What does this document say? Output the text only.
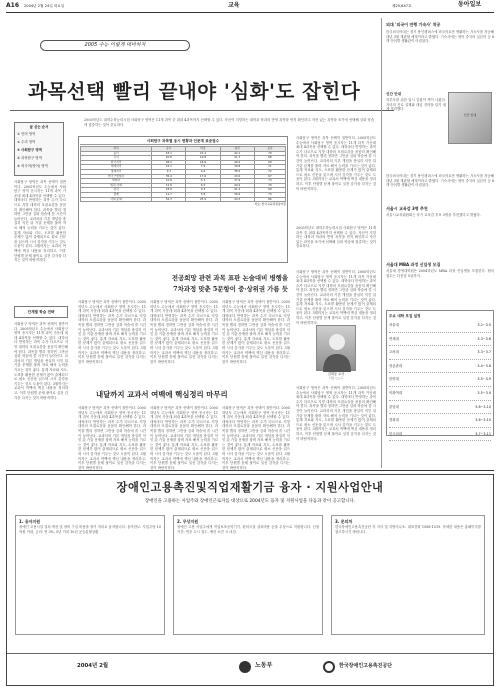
A16 2004년 2월 24일 화요일	교육	제25,647호	동아일보
2005 수능 이렇게 대비하자
과목선택 빨리 끝내야 '심화'도 잡힌다
글 싣는 순서
① 언어 영역
② 수리 영역
③ 사회탐구 영역
④ 과학탐구 영역
⑤ 외국어(영어) 영역
사회탐구 영역은 과목 선택이 절반이다. 2005학년도 수능에서 사회탐구 영역 응시자는 11개 과목 가운데 최대 4과목을 선택할 수 있다. 대학마다 반영하는 과목 수가 다르므로 지망 대학의 모집요강을 꼼꼼히 확인해야 한다. 과목을 빨리 정하면 그만큼 심화 학습에 쓸 시간이 늘어난다. 교과서의 기본 개념을 충실히 익힌 뒤 기출 문제를 풀며 자료 해석 능력을 기르는 것이 좋다. 통계 자료와 지도, 도표를 활용한 문제가 많이 출제되므로 평소 신문을 읽으며 시사 감각을 키우는 것도 도움이 된다. 3월까지는 교과서 여백에 핵심 내용을 정리하고, 이후 단원별 문제 풀이로 실전 감각을 다지는 것이 바람직하다.
2005학년도 대학수학능력시험 사회탐구 영역은 11개 과목 중 최대 4과목까지 선택할 수 있다. 자신이 지망하는 대학과 학과의 반영 과목을 먼저 확인하고 자신 있는 과목을 조기에 선택해 심화 학습에 집중하는 것이 중요하다.
사회탐구 과목별 응시 현황과 인문계 표준점수
과목	응시	비율	평균	표준
윤리	43.1	21.4	42.1	70
국사	40.6	19.8	41.7	68
한국지리	38.2	18.9	40.2	69
세계지리	15.1	7.5	39.8	71
경제지리	9.3	4.6	38.5	72
한국근현대사	35.4	17.6	43.0	67
세계사	10.8	5.3	37.9	73
법과 사회	12.6	6.2	40.4	70
정치	18.9	9.3	41.2	69
경제	11.7	5.8	36.6	74
사회·문화	52.3	25.9	44.5	66
자료: 한국교육과정평가원
사회탐구 영역은 과목 선택이 절반이다. 2005학년도 수능에서 사회탐구 영역 응시자는 11개 과목 가운데 최대 4과목을 선택할 수 있다. 대학마다 반영하는 과목 수가 다르므로 지망 대학의 모집요강을 꼼꼼히 확인해야 한다. 과목을 빨리 정하면 그만큼 심화 학습에 쓸 시간이 늘어난다. 교과서의 기본 개념을 충실히 익힌 뒤 기출 문제를 풀며 자료 해석 능력을 기르는 것이 좋다. 통계 자료와 지도, 도표를 활용한 문제가 많이 출제되므로 평소 신문을 읽으며 시사 감각을 키우는 것도 도움이 된다. 3월까지는 교과서 여백에 핵심 내용을 정리하고, 이후 단원별 문제 풀이로 실전 감각을 다지는 것이 바람직하다.
2005학년도 대학수학능력시험 사회탐구 영역은 11개 과목 중 최대 4과목까지 선택할 수 있다. 자신이 지망하는 대학과 학과의 반영 과목을 먼저 확인하고 자신 있는 과목을 조기에 선택해 심화 학습에 집중하는 것이 중요하다.
전공희망 관련 과목 표판 논술대비 병행을
7차과정 맞춘 5문항이 중·상위권 가름 듯
사회탐구 영역은 과목 선택이 절반이다. 2005학년도 수능에서 사회탐구 영역 응시자는 11개 과목 가운데 최대 4과목을 선택할 수 있다. 대학마다 반영하는 과목 수가 다르므로 지망 대학의 모집요강을 꼼꼼히 확인해야 한다. 과목을 빨리 정하면 그만큼 심화 학습에 쓸 시간이 늘어난다. 교과서의 기본 개념을 충실히 익힌 뒤 기출 문제를 풀며 자료 해석 능력을 기르는 것이 좋다. 통계 자료와 지도, 도표를 활용한 문제가 많이 출제되므로 평소 신문을 읽으며 시사 감각을 키우는 것도 도움이 된다. 3월까지는 교과서 여백에 핵심 내용을 정리하고, 이후 단원별 문제 풀이로 실전 감각을 다지는 것이 바람직하다.
사회탐구 영역은 과목 선택이 절반이다. 2005학년도 수능에서 사회탐구 영역 응시자는 11개 과목 가운데 최대 4과목을 선택할 수 있다. 대학마다 반영하는 과목 수가 다르므로 지망 대학의 모집요강을 꼼꼼히 확인해야 한다. 과목을 빨리 정하면 그만큼 심화 학습에 쓸 시간이 늘어난다. 교과서의 기본 개념을 충실히 익힌 뒤 기출 문제를 풀며 자료 해석 능력을 기르는 것이 좋다. 통계 자료와 지도, 도표를 활용한 문제가 많이 출제되므로 평소 신문을 읽으며 시사 감각을 키우는 것도 도움이 된다. 3월까지는 교과서 여백에 핵심 내용을 정리하고, 이후 단원별 문제 풀이로 실전 감각을 다지는 것이 바람직하다.
사회탐구 영역은 과목 선택이 절반이다. 2005학년도 수능에서 사회탐구 영역 응시자는 11개 과목 가운데 최대 4과목을 선택할 수 있다. 대학마다 반영하는 과목 수가 다르므로 지망 대학의 모집요강을 꼼꼼히 확인해야 한다. 과목을 빨리 정하면 그만큼 심화 학습에 쓸 시간이 늘어난다. 교과서의 기본 개념을 충실히 익힌 뒤 기출 문제를 풀며 자료 해석 능력을 기르는 것이 좋다. 통계 자료와 지도, 도표를 활용한 문제가 많이 출제되므로 평소 신문을 읽으며 시사 감각을 키우는 것도 도움이 된다. 3월까지는 교과서 여백에 핵심 내용을 정리하고, 이후 단원별 문제 풀이로 실전 감각을 다지는 것이 바람직하다.
사회탐구 영역은 과목 선택이 절반이다. 2005학년도 수능에서 사회탐구 영역 응시자는 11개 과목 가운데 최대 4과목을 선택할 수 있다. 대학마다 반영하는 과목 수가 다르므로 지망 대학의 모집요강을 꼼꼼히 확인해야 한다. 과목을 빨리 정하면 그만큼 심화 학습에 쓸 시간이 늘어난다. 교과서의 기본 개념을 충실히 익힌 뒤 기출 문제를 풀며 자료 해석 능력을 기르는 것이 좋다. 통계 자료와 지도, 도표를 활용한 문제가 많이 출제되므로 평소 신문을 읽으며 시사 감각을 키우는 것도 도움이 된다. 3월까지는 교과서 여백에 핵심 내용을 정리하고, 이후 단원별 문제 풀이로 실전 감각을 다지는 것이 바람직하다.
김희동 교사
서울 ○○고
단계별 학습 전략
사회탐구 영역은 과목 선택이 절반이다. 2005학년도 수능에서 사회탐구 영역 응시자는 11개 과목 가운데 최대 4과목을 선택할 수 있다. 대학마다 반영하는 과목 수가 다르므로 지망 대학의 모집요강을 꼼꼼히 확인해야 한다. 과목을 빨리 정하면 그만큼 심화 학습에 쓸 시간이 늘어난다. 교과서의 기본 개념을 충실히 익힌 뒤 기출 문제를 풀며 자료 해석 능력을 기르는 것이 좋다. 통계 자료와 지도, 도표를 활용한 문제가 많이 출제되므로 평소 신문을 읽으며 시사 감각을 키우는 것도 도움이 된다. 3월까지는 교과서 여백에 핵심 내용을 정리하고, 이후 단원별 문제 풀이로 실전 감각을 다지는 것이 바람직하다.	내달까지 교과서 여백에 핵심정리 마무리
사회탐구 영역은 과목 선택이 절반이다. 2005학년도 수능에서 사회탐구 영역 응시자는 11개 과목 가운데 최대 4과목을 선택할 수 있다. 대학마다 반영하는 과목 수가 다르므로 지망 대학의 모집요강을 꼼꼼히 확인해야 한다. 과목을 빨리 정하면 그만큼 심화 학습에 쓸 시간이 늘어난다. 교과서의 기본 개념을 충실히 익힌 뒤 기출 문제를 풀며 자료 해석 능력을 기르는 것이 좋다. 통계 자료와 지도, 도표를 활용한 문제가 많이 출제되므로 평소 신문을 읽으며 시사 감각을 키우는 것도 도움이 된다. 3월까지는 교과서 여백에 핵심 내용을 정리하고, 이후 단원별 문제 풀이로 실전 감각을 다지는 것이 바람직하다.
사회탐구 영역은 과목 선택이 절반이다. 2005학년도 수능에서 사회탐구 영역 응시자는 11개 과목 가운데 최대 4과목을 선택할 수 있다. 대학마다 반영하는 과목 수가 다르므로 지망 대학의 모집요강을 꼼꼼히 확인해야 한다. 과목을 빨리 정하면 그만큼 심화 학습에 쓸 시간이 늘어난다. 교과서의 기본 개념을 충실히 익힌 뒤 기출 문제를 풀며 자료 해석 능력을 기르는 것이 좋다. 통계 자료와 지도, 도표를 활용한 문제가 많이 출제되므로 평소 신문을 읽으며 시사 감각을 키우는 것도 도움이 된다. 3월까지는 교과서 여백에 핵심 내용을 정리하고, 이후 단원별 문제 풀이로 실전 감각을 다지는 것이 바람직하다.
사회탐구 영역은 과목 선택이 절반이다. 2005학년도 수능에서 사회탐구 영역 응시자는 11개 과목 가운데 최대 4과목을 선택할 수 있다. 대학마다 반영하는 과목 수가 다르므로 지망 대학의 모집요강을 꼼꼼히 확인해야 한다. 과목을 빨리 정하면 그만큼 심화 학습에 쓸 시간이 늘어난다. 교과서의 기본 개념을 충실히 익힌 뒤 기출 문제를 풀며 자료 해석 능력을 기르는 것이 좋다. 통계 자료와 지도, 도표를 활용한 문제가 많이 출제되므로 평소 신문을 읽으며 시사 감각을 키우는 것도 도움이 된다. 3월까지는 교과서 여백에 핵심 내용을 정리하고, 이후 단원별 문제 풀이로 실전 감각을 다지는 것이 바람직하다.
사회탐구 영역은 과목 선택이 절반이다. 2005학년도 수능에서 사회탐구 영역 응시자는 11개 과목 가운데 최대 4과목을 선택할 수 있다. 대학마다 반영하는 과목 수가 다르므로 지망 대학의 모집요강을 꼼꼼히 확인해야 한다. 과목을 빨리 정하면 그만큼 심화 학습에 쓸 시간이 늘어난다. 교과서의 기본 개념을 충실히 익힌 뒤 기출 문제를 풀며 자료 해석 능력을 기르는 것이 좋다. 통계 자료와 지도, 도표를 활용한 문제가 많이 출제되므로 평소 신문을 읽으며 시사 감각을 키우는 것도 도움이 된다. 3월까지는 교과서 여백에 핵심 내용을 정리하고, 이후 단원별 문제 풀이로 실전 감각을 다지는 것이 바람직하다.
외대 '외국어 연행 기숙사' 착공
한국외국어대는 경기 용인캠퍼스에 외국어로만 생활하는 기숙사를 착공해 내년 3월 개관할 예정이라고 밝혔다. 기숙사에는 영어 중국어 일본어 등 8개 언어별 생활관이 마련된다.
신간 안내
신간 안내
학부모를 위한 입시 길잡이 책이 나왔다. 자녀의 진로 설계와 대입 전략을 알기 쉽게 정리했다.
한국외국어대는 경기 용인캠퍼스에 외국어로만 생활하는 기숙사를 착공해 내년 3월 개관할 예정이라고 밝혔다. 기숙사에는 영어 중국어 일본어 등 8개 언어별 생활관이 마련된다.
서울시 교육감 3명 추천
서울시교육위원회는 차기 교육감 후보 3명을 추천했다고 밝혔다.
서울대 MBA 과정 신입생 모집
서울대 경영대학원은 2004학년도 MBA 과정 신입생을 모집한다. 원서 접수는 다음달 5일까지.
주요 대학 모집 일정
서울대	3.2~3.5
연세대	3.3~3.6
고려대	3.3~3.7
성균관대	3.4~3.8
한양대	3.5~3.9
이화여대	3.5~3.9
중앙대	3.6~3.10
경희대	3.6~3.10
한국외대	3.7~3.11
장애인고용촉진및직업재활기금 융자 · 지원사업안내
장애인을 고용하는 사업주와 장애인근로자를 대상으로 2004년도 융자 및 지원사업을 다음과 같이 공고합니다.
1. 융자지원
장애인 고용시설 설치·개선 및 장비 구입 비용을 장기 저리로 융자합니다. 융자한도: 사업주당 10억원 이내, 금리: 연 3%, 5년 거치 10년 균등분할상환.
2. 무상지원
장애인 고용 사업주에게 작업보조공학기기, 편의시설 설치비용 등을 무상으로 지원합니다. 신청기간: 연중 수시 접수, 예산 소진 시 마감.
3. 문의처
한국장애인고용촉진공단 각 지사 및 지방사무소. 대표전화 1588-1519. 자세한 내용은 홈페이지를 참고하시기 바랍니다.
2004년 2월	노동부	한국장애인고용촉진공단
